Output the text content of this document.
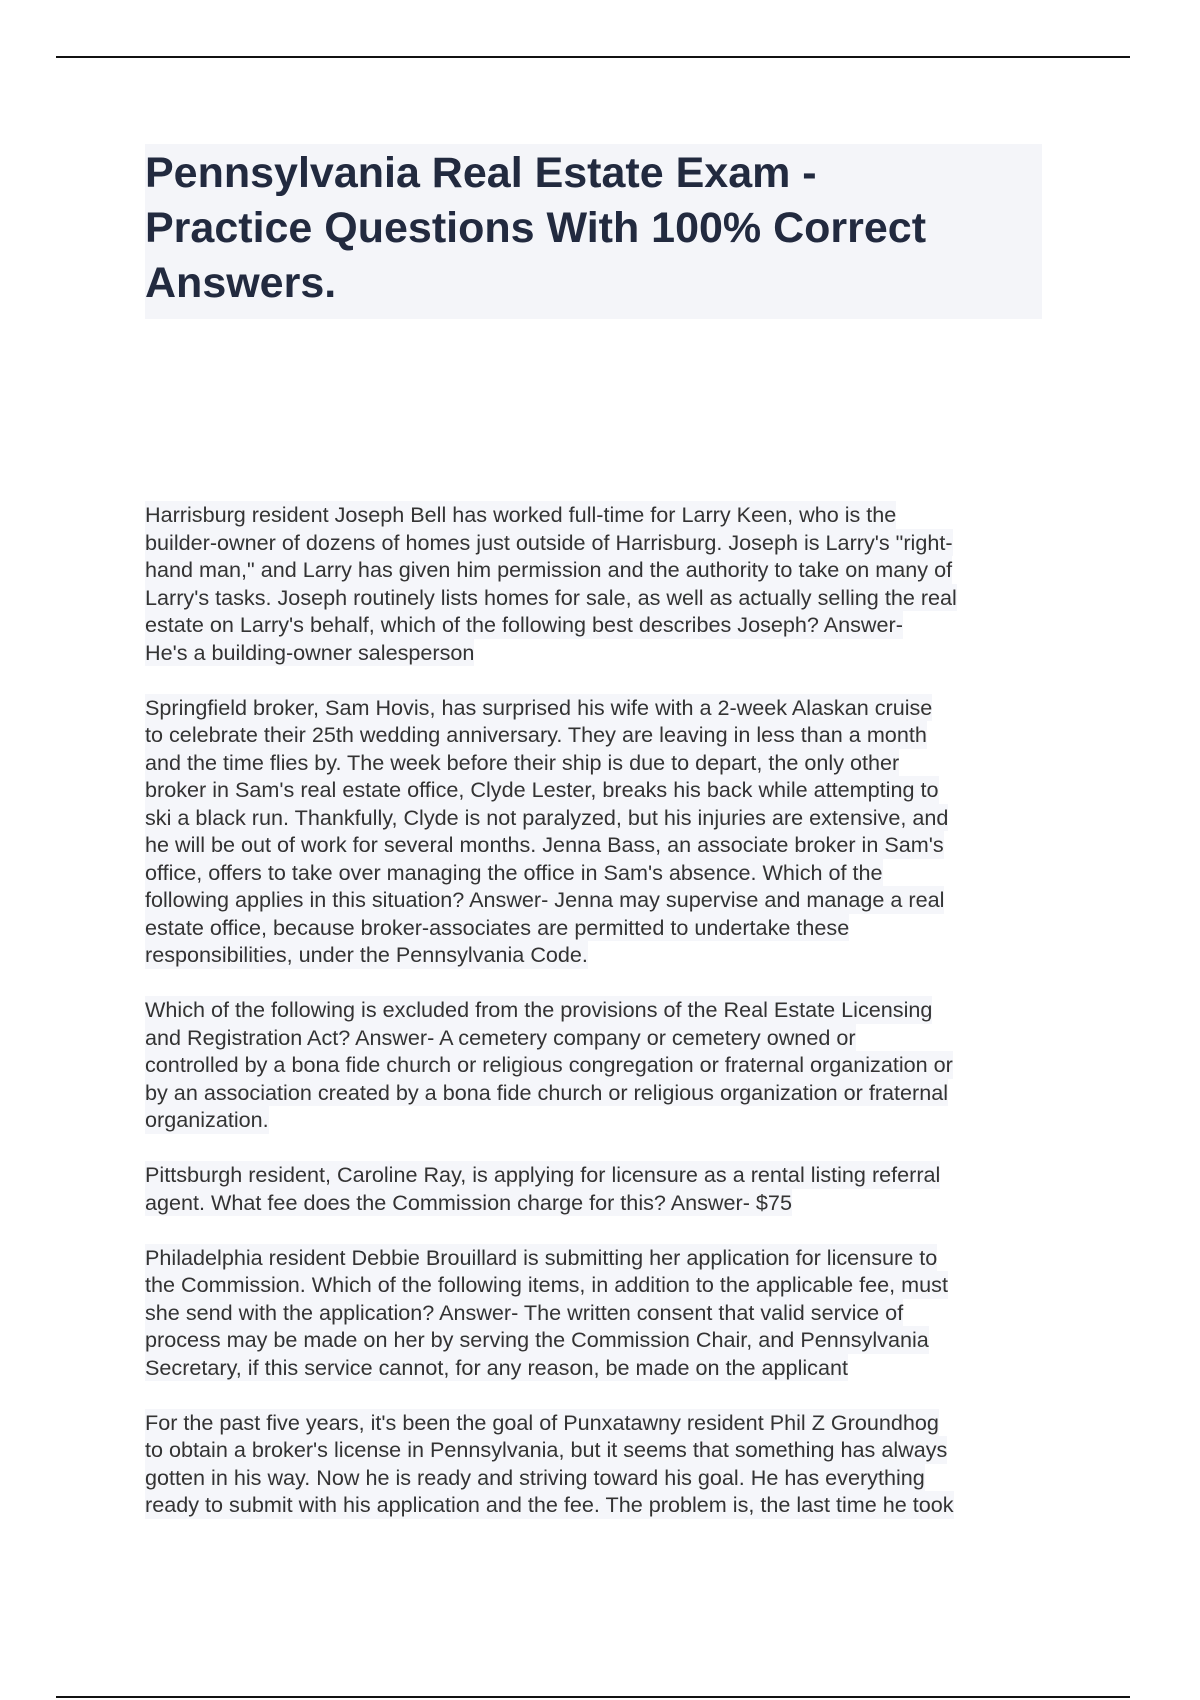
Pennsylvania Real Estate Exam -
Practice Questions With 100% Correct
Answers.
Harrisburg resident Joseph Bell has worked full-time for Larry Keen, who is the
builder-owner of dozens of homes just outside of Harrisburg. Joseph is Larry's "right-
hand man," and Larry has given him permission and the authority to take on many of
Larry's tasks. Joseph routinely lists homes for sale, as well as actually selling the real
estate on Larry's behalf, which of the following best describes Joseph? Answer-
He's a building-owner salesperson

Springfield broker, Sam Hovis, has surprised his wife with a 2-week Alaskan cruise
to celebrate their 25th wedding anniversary. They are leaving in less than a month
and the time flies by. The week before their ship is due to depart, the only other
broker in Sam's real estate office, Clyde Lester, breaks his back while attempting to
ski a black run. Thankfully, Clyde is not paralyzed, but his injuries are extensive, and
he will be out of work for several months. Jenna Bass, an associate broker in Sam's
office, offers to take over managing the office in Sam's absence. Which of the
following applies in this situation? Answer- Jenna may supervise and manage a real
estate office, because broker-associates are permitted to undertake these
responsibilities, under the Pennsylvania Code.

Which of the following is excluded from the provisions of the Real Estate Licensing
and Registration Act? Answer- A cemetery company or cemetery owned or
controlled by a bona fide church or religious congregation or fraternal organization or
by an association created by a bona fide church or religious organization or fraternal
organization.

Pittsburgh resident, Caroline Ray, is applying for licensure as a rental listing referral
agent. What fee does the Commission charge for this? Answer- $75

Philadelphia resident Debbie Brouillard is submitting her application for licensure to
the Commission. Which of the following items, in addition to the applicable fee, must
she send with the application? Answer- The written consent that valid service of
process may be made on her by serving the Commission Chair, and Pennsylvania
Secretary, if this service cannot, for any reason, be made on the applicant

For the past five years, it's been the goal of Punxatawny resident Phil Z Groundhog
to obtain a broker's license in Pennsylvania, but it seems that something has always
gotten in his way. Now he is ready and striving toward his goal. He has everything
ready to submit with his application and the fee. The problem is, the last time he took
